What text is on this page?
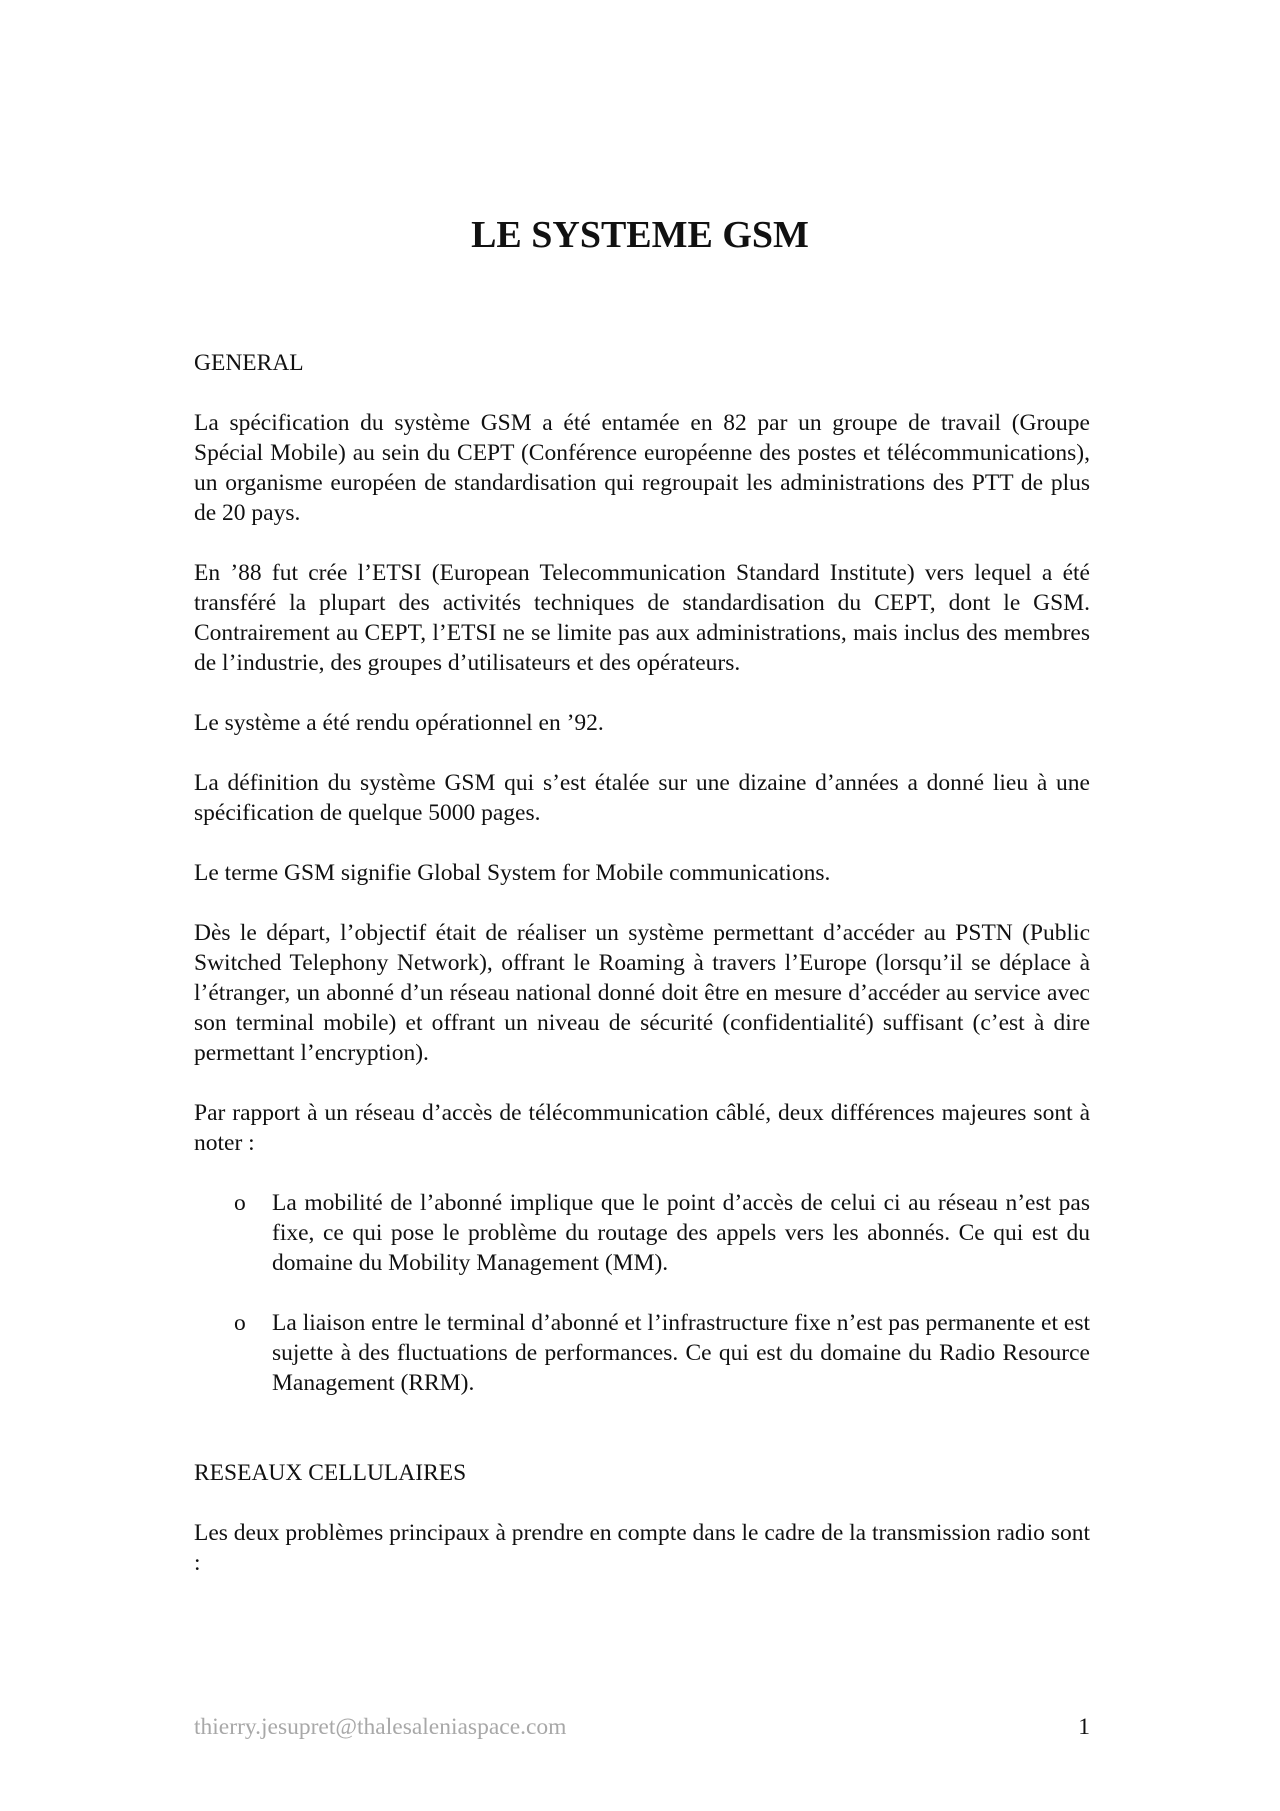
LE SYSTEME GSM
GENERAL

La spécification du système GSM a été entamée en 82 par un groupe de travail (Groupe Spécial Mobile) au sein du CEPT (Conférence européenne des postes et télécommunications), un organisme européen de standardisation qui regroupait les administrations des PTT de plus de 20 pays.

En ’88 fut crée l’ETSI (European Telecommunication Standard Institute) vers lequel a été transféré la plupart des activités techniques de standardisation du CEPT, dont le GSM. Contrairement au CEPT, l’ETSI ne se limite pas aux administrations, mais inclus des membres de l’industrie, des groupes d’utilisateurs et des opérateurs.

Le système a été rendu opérationnel en ’92.

La définition du système GSM qui s’est étalée sur une dizaine d’années a donné lieu à une spécification de quelque 5000 pages.

Le terme GSM signifie Global System for Mobile communications.

Dès le départ, l’objectif était de réaliser un système permettant d’accéder au PSTN (Public Switched Telephony Network), offrant le Roaming à travers l’Europe (lorsqu’il se déplace à l’étranger, un abonné d’un réseau national donné doit être en mesure d’accéder au service avec son terminal mobile) et offrant un niveau de sécurité (confidentialité) suffisant (c’est à dire permettant l’encryption).

Par rapport à un réseau d’accès de télécommunication câblé, deux différences majeures sont à noter :

o La mobilité de l’abonné implique que le point d’accès de celui ci au réseau n’est pas fixe, ce qui pose le problème du routage des appels vers les abonnés. Ce qui est du domaine du Mobility Management (MM).
o La liaison entre le terminal d’abonné et l’infrastructure fixe n’est pas permanente et est sujette à des fluctuations de performances. Ce qui est du domaine du Radio Resource Management (RRM).
RESEAUX CELLULAIRES

Les deux problèmes principaux à prendre en compte dans le cadre de la transmission radio sont :

thierry.jesupret@thalesaleniaspace.com	1
